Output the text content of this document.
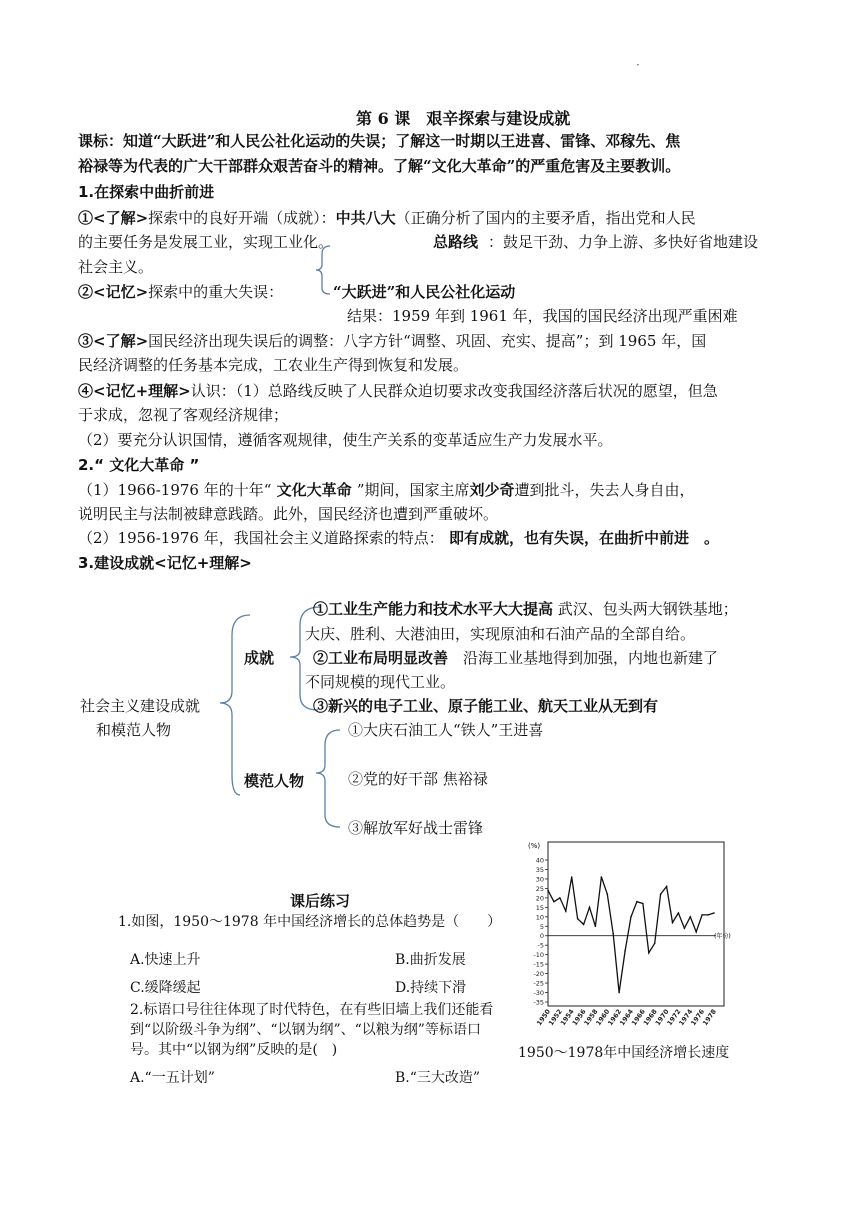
·
第 6 课　艰辛探索与建设成就
课标：知道“大跃进”和人民公社化运动的失误；了解这一时期以王进喜、雷锋、邓稼先、焦
裕禄等为代表的广大干部群众艰苦奋斗的精神。了解“文化大革命”的严重危害及主要教训。
1.在探索中曲折前进
①<了解>探索中的良好开端（成就）：中共八大（正确分析了国内的主要矛盾，指出党和人民
的主要任务是发展工业，实现工业化。	总路线 ：鼓足干劲、力争上游、多快好省地建设
社会主义。
②<记忆>探索中的重大失误：	“大跃进”和人民公社化运动
结果：1959 年到 1961 年，我国的国民经济出现严重困难
③<了解>国民经济出现失误后的调整：八字方针“调整、巩固、充实、提高”；到 1965 年，国
民经济调整的任务基本完成，工农业生产得到恢复和发展。
④<记忆+理解>认识：（1）总路线反映了人民群众迫切要求改变我国经济落后状况的愿望，但急
于求成，忽视了客观经济规律；
（2）要充分认识国情，遵循客观规律，使生产关系的变革适应生产力发展水平。
2.“ 文化大革命 ”
（1）1966-1976 年的十年“ 文化大革命 ”期间，国家主席刘少奇遭到批斗，失去人身自由，
说明民主与法制被肆意践踏。此外，国民经济也遭到严重破坏。
（2）1956-1976 年，我国社会主义道路探索的特点： 即有成就，也有失误，在曲折中前进　。
3.建设成就<记忆+理解>
社会主义建设成就
和模范人物
成就
模范人物
①工业生产能力和技术水平大大提高 武汉、包头两大钢铁基地；
大庆、胜利、大港油田，实现原油和石油产品的全部自给。
②工业布局明显改善　沿海工业基地得到加强，内地也新建了
不同规模的现代工业。
③新兴的电子工业、原子能工业、航天工业从无到有
①大庆石油工人“铁人”王进喜
②党的好干部 焦裕禄
③解放军好战士雷锋
课后练习
1.如图，1950～1978 年中国经济增长的总体趋势是（　　）
A.快速上升	B.曲折发展
C.缓降缓起	D.持续下滑
2.标语口号往往体现了时代特色，在有些旧墙上我们还能看
到“以阶级斗争为纲”、“以钢为纲”、“以粮为纲”等标语口
号。其中“以钢为纲”反映的是(　)
A.“一五计划”	B.“三大改造”
(%)
(年份)
40
35
30
25
20
15
10
5
0
-5
-10
-15
-20
-25
-30
-35
1950
1952
1954
1956
1958
1960
1962
1964
1966
1968
1970
1972
1974
1976
1978
1950～1978年中国经济增长速度
